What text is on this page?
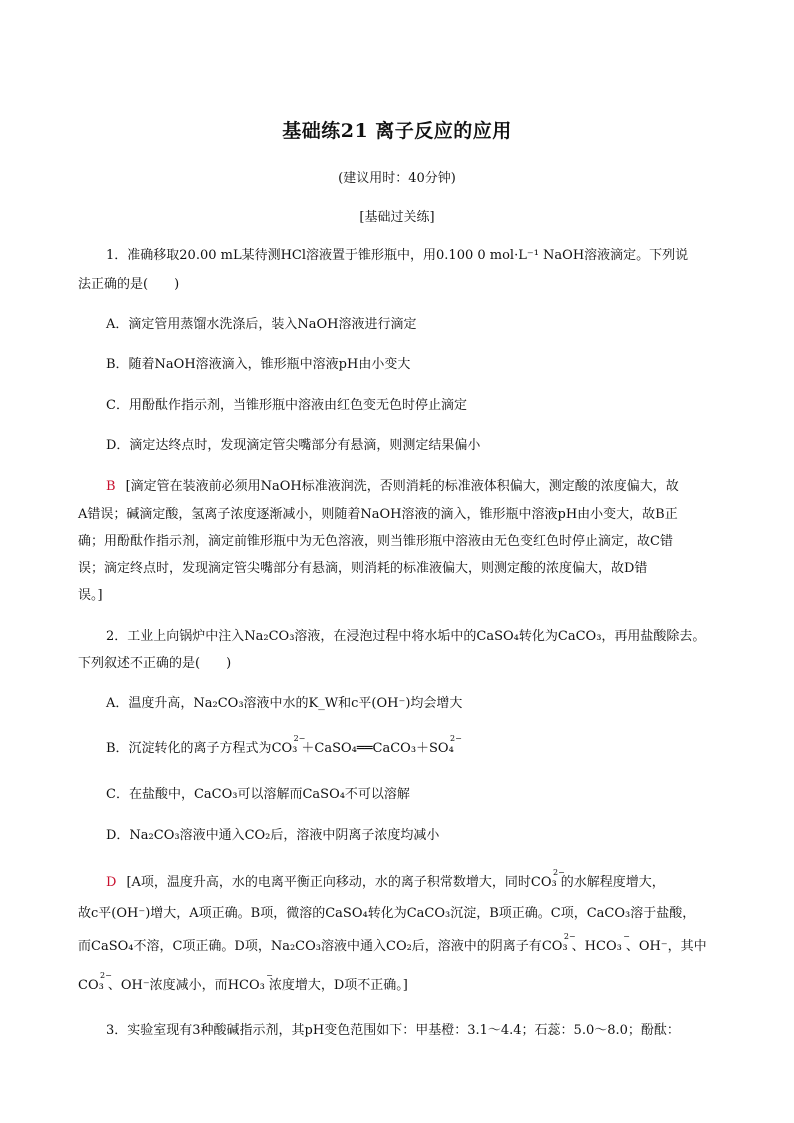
基础练21 离子反应的应用
(建议用时：40分钟)
[基础过关练]
1．准确移取20.00 mL某待测HCl溶液置于锥形瓶中，用0.100 0 mol·L⁻¹ NaOH溶液滴定。下列说
法正确的是(　　)
A．滴定管用蒸馏水洗涤后，装入NaOH溶液进行滴定
B．随着NaOH溶液滴入，锥形瓶中溶液pH由小变大
C．用酚酞作指示剂，当锥形瓶中溶液由红色变无色时停止滴定
D．滴定达终点时，发现滴定管尖嘴部分有悬滴，则测定结果偏小
B [滴定管在装液前必须用NaOH标准液润洗，否则消耗的标准液体积偏大，测定酸的浓度偏大，故
A错误；碱滴定酸，氢离子浓度逐渐减小，则随着NaOH溶液的滴入，锥形瓶中溶液pH由小变大，故B正
确；用酚酞作指示剂，滴定前锥形瓶中为无色溶液，则当锥形瓶中溶液由无色变红色时停止滴定，故C错
误；滴定终点时，发现滴定管尖嘴部分有悬滴，则消耗的标准液偏大，则测定酸的浓度偏大，故D错
误。]
2．工业上向锅炉中注入Na₂CO₃溶液，在浸泡过程中将水垢中的CaSO₄转化为CaCO₃，再用盐酸除去。
下列叙述不正确的是(　　)
A．温度升高，Na₂CO₃溶液中水的K_W和c平(OH⁻)均会增大
B．沉淀转化的离子方程式为CO₃
2−
＋CaSO₄══CaCO₃＋SO₄
2−
C．在盐酸中，CaCO₃可以溶解而CaSO₄不可以溶解
D．Na₂CO₃溶液中通入CO₂后，溶液中阴离子浓度均减小
D [A项，温度升高，水的电离平衡正向移动，水的离子积常数增大，同时CO₃
2−
的水解程度增大，
故c平(OH⁻)增大，A项正确。B项，微溶的CaSO₄转化为CaCO₃沉淀，B项正确。C项，CaCO₃溶于盐酸，
而CaSO₄不溶，C项正确。D项，Na₂CO₃溶液中通入CO₂后，溶液中的阴离子有CO₃
2−
、HCO₃
−
、OH⁻，其中
CO₃
2−
、OH⁻浓度减小，而HCO₃
−
浓度增大，D项不正确。]
3．实验室现有3种酸碱指示剂，其pH变色范围如下：甲基橙：3.1～4.4；石蕊：5.0～8.0；酚酞：
